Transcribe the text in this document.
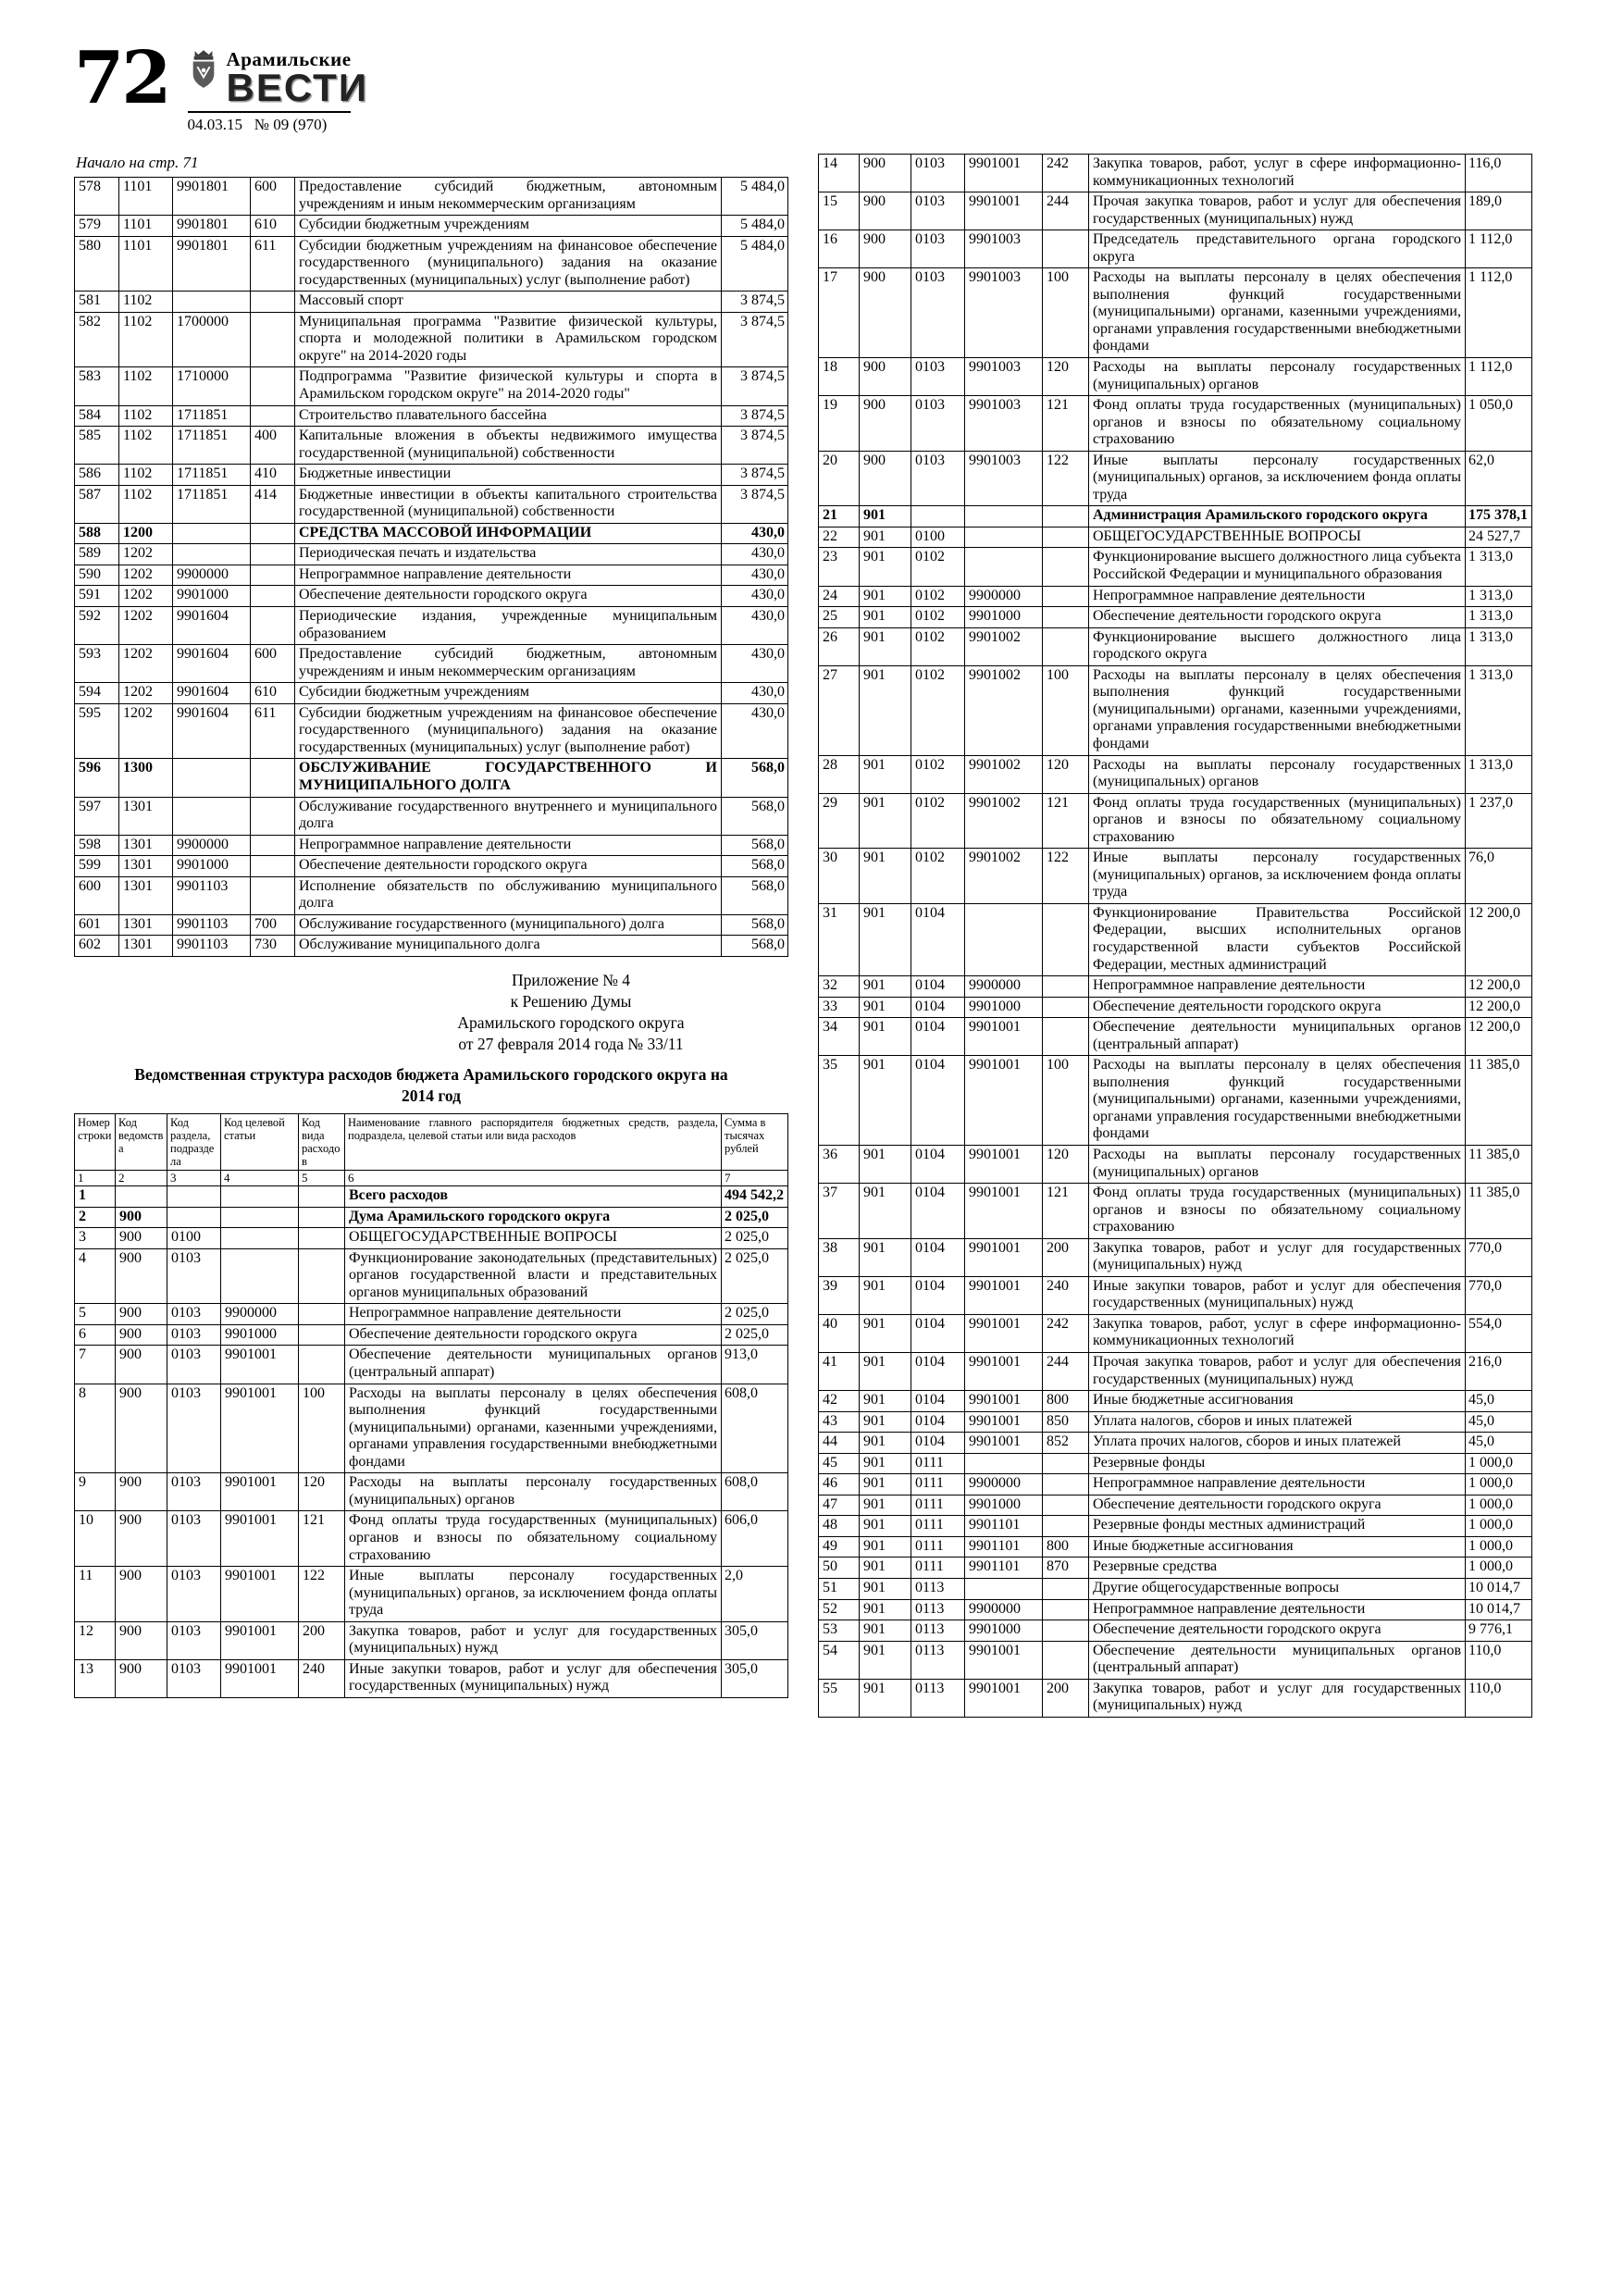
72	Арамильские
ВЕСТИ
04.03.15   № 09 (970)
Начало на стр. 71
578	1101	9901801	600	Предоставление субсидий бюджетным, автономным учреждениям и иным некоммерческим организациям	5 484,0
579	1101	9901801	610	Субсидии бюджетным учреждениям	5 484,0
580	1101	9901801	611	Субсидии бюджетным учреждениям на финансовое обеспечение государственного (муниципального) задания на оказание государственных (муниципальных) услуг (выполнение работ)	5 484,0
581	1102			Массовый спорт	3 874,5
582	1102	1700000		Муниципальная программа "Развитие физической культуры, спорта и молодежной политики в Арамильском городском округе" на 2014-2020 годы	3 874,5
583	1102	1710000		Подпрограмма "Развитие физической культуры и спорта в Арамильском городском округе" на 2014-2020 годы"	3 874,5
584	1102	1711851		Строительство плавательного бассейна	3 874,5
585	1102	1711851	400	Капитальные вложения в объекты недвижимого имущества государственной (муниципальной) собственности	3 874,5
586	1102	1711851	410	Бюджетные инвестиции	3 874,5
587	1102	1711851	414	Бюджетные инвестиции в объекты капитального строительства государственной (муниципальной) собственности	3 874,5
588	1200			СРЕДСТВА МАССОВОЙ ИНФОРМАЦИИ	430,0
589	1202			Периодическая печать и издательства	430,0
590	1202	9900000		Непрограммное направление деятельности	430,0
591	1202	9901000		Обеспечение деятельности городского округа	430,0
592	1202	9901604		Периодические издания, учрежденные муниципальным образованием	430,0
593	1202	9901604	600	Предоставление субсидий бюджетным, автономным учреждениям и иным некоммерческим организациям	430,0
594	1202	9901604	610	Субсидии бюджетным учреждениям	430,0
595	1202	9901604	611	Субсидии бюджетным учреждениям на финансовое обеспечение государственного (муниципального) задания на оказание государственных (муниципальных) услуг (выполнение работ)	430,0
596	1300			ОБСЛУЖИВАНИЕ ГОСУДАРСТВЕННОГО И МУНИЦИПАЛЬНОГО ДОЛГА	568,0
597	1301			Обслуживание государственного внутреннего и муниципального долга	568,0
598	1301	9900000		Непрограммное направление деятельности	568,0
599	1301	9901000		Обеспечение деятельности городского округа	568,0
600	1301	9901103		Исполнение обязательств по обслуживанию муниципального долга	568,0
601	1301	9901103	700	Обслуживание государственного (муниципального) долга	568,0
602	1301	9901103	730	Обслуживание муниципального долга	568,0
Приложение № 4
к Решению Думы
Арамильского городского округа
от 27 февраля 2014 года № 33/11
Ведомственная структура расходов бюджета Арамильского городского округа на 2014 год
Номер строки	Код ведомства	Код раздела, подраздела	Код целевой статьи	Код вида расходов	Наименование главного распорядителя бюджетных средств, раздела, подраздела, целевой статьи или вида расходов	Сумма в тысячах рублей
1	2	3	4	5	6	7
1					Всего расходов	494 542,2
2	900				Дума Арамильского городского округа	2 025,0
3	900	0100			ОБЩЕГОСУДАРСТВЕННЫЕ ВОПРОСЫ	2 025,0
4	900	0103			Функционирование законодательных (представительных) органов государственной власти и представительных органов муниципальных образований	2 025,0
5	900	0103	9900000		Непрограммное направление деятельности	2 025,0
6	900	0103	9901000		Обеспечение деятельности городского округа	2 025,0
7	900	0103	9901001		Обеспечение деятельности муниципальных органов (центральный аппарат)	913,0
8	900	0103	9901001	100	Расходы на выплаты персоналу в целях обеспечения выполнения функций государственными (муниципальными) органами, казенными учреждениями, органами управления государственными внебюджетными фондами	608,0
9	900	0103	9901001	120	Расходы на выплаты персоналу государственных (муниципальных) органов	608,0
10	900	0103	9901001	121	Фонд оплаты труда государственных (муниципальных) органов и взносы по обязательному социальному страхованию	606,0
11	900	0103	9901001	122	Иные выплаты персоналу государственных (муниципальных) органов, за исключением фонда оплаты труда	2,0
12	900	0103	9901001	200	Закупка товаров, работ и услуг для государственных (муниципальных) нужд	305,0
13	900	0103	9901001	240	Иные закупки товаров, работ и услуг для обеспечения государственных (муниципальных) нужд	305,0
14	900	0103	9901001	242	Закупка товаров, работ, услуг в сфере информационно-коммуникационных технологий	116,0
15	900	0103	9901001	244	Прочая закупка товаров, работ и услуг для обеспечения государственных (муниципальных) нужд	189,0
16	900	0103	9901003		Председатель представительного органа городского округа	1 112,0
17	900	0103	9901003	100	Расходы на выплаты персоналу в целях обеспечения выполнения функций государственными (муниципальными) органами, казенными учреждениями, органами управления государственными внебюджетными фондами	1 112,0
18	900	0103	9901003	120	Расходы на выплаты персоналу государственных (муниципальных) органов	1 112,0
19	900	0103	9901003	121	Фонд оплаты труда государственных (муниципальных) органов и взносы по обязательному социальному страхованию	1 050,0
20	900	0103	9901003	122	Иные выплаты персоналу государственных (муниципальных) органов, за исключением фонда оплаты труда	62,0
21	901				Администрация Арамильского городского округа	175 378,1
22	901	0100			ОБЩЕГОСУДАРСТВЕННЫЕ ВОПРОСЫ	24 527,7
23	901	0102			Функционирование высшего должностного лица субъекта Российской Федерации и муниципального образования	1 313,0
24	901	0102	9900000		Непрограммное направление деятельности	1 313,0
25	901	0102	9901000		Обеспечение деятельности городского округа	1 313,0
26	901	0102	9901002		Функционирование высшего должностного лица городского округа	1 313,0
27	901	0102	9901002	100	Расходы на выплаты персоналу в целях обеспечения выполнения функций государственными (муниципальными) органами, казенными учреждениями, органами управления государственными внебюджетными фондами	1 313,0
28	901	0102	9901002	120	Расходы на выплаты персоналу государственных (муниципальных) органов	1 313,0
29	901	0102	9901002	121	Фонд оплаты труда государственных (муниципальных) органов и взносы по обязательному социальному страхованию	1 237,0
30	901	0102	9901002	122	Иные выплаты персоналу государственных (муниципальных) органов, за исключением фонда оплаты труда	76,0
31	901	0104			Функционирование Правительства Российской Федерации, высших исполнительных органов государственной власти субъектов Российской Федерации, местных администраций	12 200,0
32	901	0104	9900000		Непрограммное направление деятельности	12 200,0
33	901	0104	9901000		Обеспечение деятельности городского округа	12 200,0
34	901	0104	9901001		Обеспечение деятельности муниципальных органов (центральный аппарат)	12 200,0
35	901	0104	9901001	100	Расходы на выплаты персоналу в целях обеспечения выполнения функций государственными (муниципальными) органами, казенными учреждениями, органами управления государственными внебюджетными фондами	11 385,0
36	901	0104	9901001	120	Расходы на выплаты персоналу государственных (муниципальных) органов	11 385,0
37	901	0104	9901001	121	Фонд оплаты труда государственных (муниципальных) органов и взносы по обязательному социальному страхованию	11 385,0
38	901	0104	9901001	200	Закупка товаров, работ и услуг для государственных (муниципальных) нужд	770,0
39	901	0104	9901001	240	Иные закупки товаров, работ и услуг для обеспечения государственных (муниципальных) нужд	770,0
40	901	0104	9901001	242	Закупка товаров, работ, услуг в сфере информационно-коммуникационных технологий	554,0
41	901	0104	9901001	244	Прочая закупка товаров, работ и услуг для обеспечения государственных (муниципальных) нужд	216,0
42	901	0104	9901001	800	Иные бюджетные ассигнования	45,0
43	901	0104	9901001	850	Уплата налогов, сборов и иных платежей	45,0
44	901	0104	9901001	852	Уплата прочих налогов, сборов и иных платежей	45,0
45	901	0111			Резервные фонды	1 000,0
46	901	0111	9900000		Непрограммное направление деятельности	1 000,0
47	901	0111	9901000		Обеспечение деятельности городского округа	1 000,0
48	901	0111	9901101		Резервные фонды местных администраций	1 000,0
49	901	0111	9901101	800	Иные бюджетные ассигнования	1 000,0
50	901	0111	9901101	870	Резервные средства	1 000,0
51	901	0113			Другие общегосударственные вопросы	10 014,7
52	901	0113	9900000		Непрограммное направление деятельности	10 014,7
53	901	0113	9901000		Обеспечение деятельности городского округа	9 776,1
54	901	0113	9901001		Обеспечение деятельности муниципальных органов (центральный аппарат)	110,0
55	901	0113	9901001	200	Закупка товаров, работ и услуг для государственных (муниципальных) нужд	110,0
